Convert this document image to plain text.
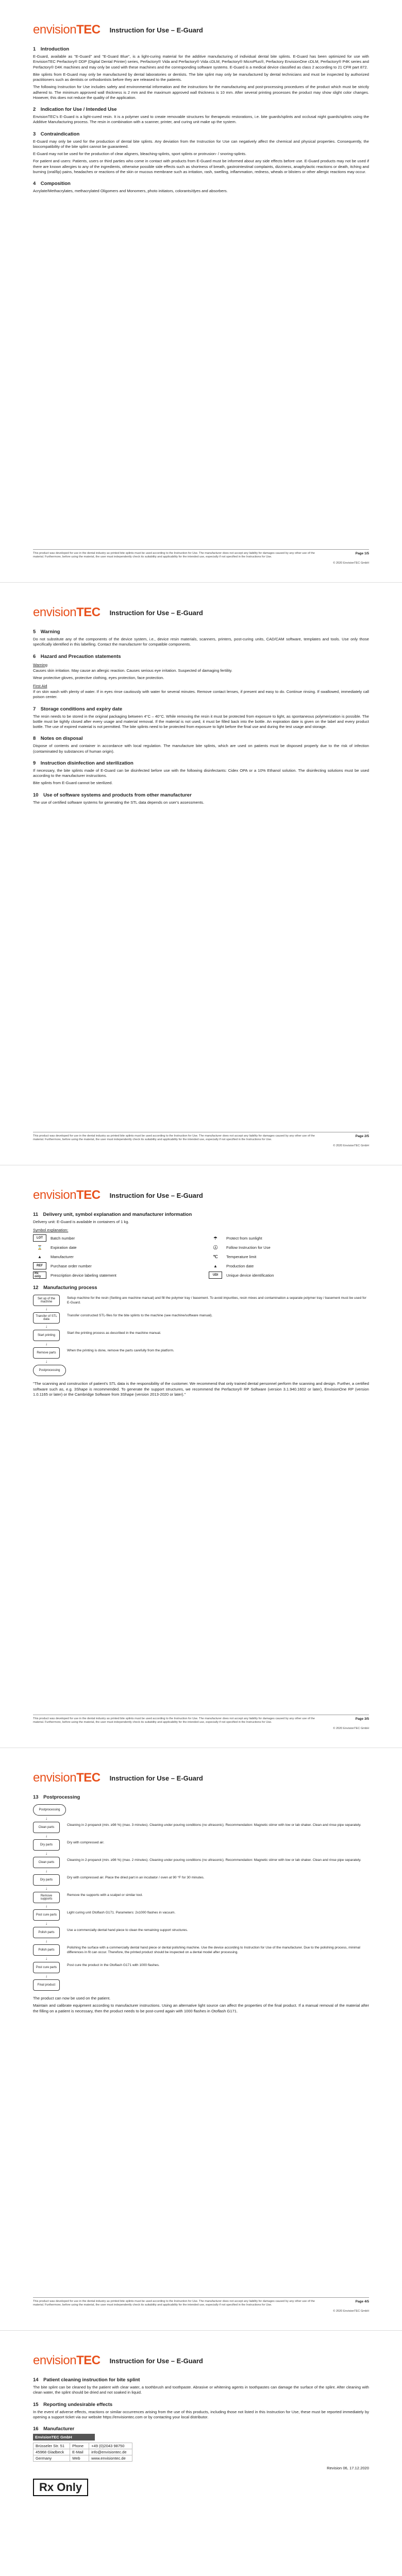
envisionTEC Instruction for Use – E-Guard
1 Introduction

E-Guard, available as "E-Guard" and "E-Guard Blue", is a light-curing material for the additive manufacturing of individual dental bite splints. E-Guard has been optimized for use with EnvisionTEC Perfactory® DDP (Digital Dental Printer) series, Perfactory® Vida and Perfactory® Vida cDLM, Perfactory® MicroPlus®, Perfactory EnvisionOne cDLM, Perfactory® P4K series and Perfactory® D4K machines and may only be used with these machines and the corresponding software systems. E-Guard is a medical device classified as class 2 according to 21 CFR part 872.

Bite splints from E-Guard may only be manufactured by dental laboratories or dentists. The bite splint may only be manufactured by dental technicians and must be inspected by authorized practitioners such as dentists or orthodontists before they are released to the patients.

The following Instruction for Use includes safety and environmental information and the instructions for the manufacturing and post-processing procedures of the product which must be strictly adhered to. The minimum approved wall thickness is 2 mm and the maximum approved wall thickness is 10 mm. After several printing processes the product may show slight color changes. However, this does not reduce the quality of the application.

2 Indication for Use / Intended Use

EnvisionTEC's E-Guard is a light-cured resin. It is a polymer used to create removable structures for therapeutic restorations, i.e. bite guards/splints and occlusal night guards/splints using the Additive Manufacturing process. The resin in combination with a scanner, printer, and curing unit make up the system.

3 Contraindication

E-Guard may only be used for the production of dental bite splints. Any deviation from the Instruction for Use can negatively affect the chemical and physical properties. Consequently, the biocompatibility of the bite splint cannot be guaranteed.

E-Guard may not be used for the production of clear aligners, bleaching-splints, sport splints or protrusion- / snoring-splints.

For patient and users: Patients, users or third parties who come in contact with products from E-Guard must be informed about any side effects before use. E-Guard products may not be used if there are known allergies to any of the ingredients, otherwise possible side effects such as shortness of breath, gastrointestinal complaints, dizziness, anaphylactic reactions or death, itching and burning (oral/lip) pains, headaches or reactions of the skin or mucous membrane such as irritation, rash, swelling, inflammation, redness, wheals or blisters or other allergic reactions may occur.

4 Composition

Acrylate/Methacrylates, methacrylated Oligomers and Monomers, photo initiators, colorants/dyes and absorbers.

This product was developed for use in the dental industry as printed bite splints must be used according to the Instruction for Use. The manufacturer does not accept any liability for damages caused by any other use of the material. Furthermore, before using the material, the user must independently check its suitability and applicability for the intended use, especially if not specified in the Instructions for Use.
Page 1/5
© 2020 EnvisionTEC GmbH
envisionTEC Instruction for Use – E-Guard
5 Warning

Do not substitute any of the components of the device system, i.e., device resin materials, scanners, printers, post-curing units, CAD/CAM software, templates and tools. Use only those specifically identified in this labelling. Contact the manufacturer for compatible components.

6 Hazard and Precaution statements
Warning

Causes skin irritation. May cause an allergic reaction. Causes serious eye irritation. Suspected of damaging fertility.

Wear protective gloves, protective clothing, eyes protection, face protection.

First Aid

If on skin wash with plenty of water. If in eyes rinse cautiously with water for several minutes. Remove contact lenses, if present and easy to do. Continue rinsing. If swallowed, immediately call poison center.

7 Storage conditions and expiry date

The resin needs to be stored in the original packaging between 4°C – 40°C. While removing the resin it must be protected from exposure to light, as spontaneous polymerization is possible. The bottle must be tightly closed after every usage and material removal. If the material is not used, it must be filled back into the bottle. An expiration date is given on the label and every product bottle. The use of expired material is not permitted. The bite splints need to be protected from exposure to light before the final use and during the test usage and storage.

8 Notes on disposal

Dispose of contents and container in accordance with local regulation. The manufacture bite splints, which are used on patients must be disposed properly due to the risk of infection (contaminated by substances of human origin).

9 Instruction disinfection and sterilization

If necessary, the bite splints made of E-Guard can be disinfected before use with the following disinfectants: Cidex OPA or a 10% Ethanol solution. The disinfecting solutions must be used according to the manufacturer instructions.

Bite splints from E-Guard cannot be sterilized.

10 Use of software systems and products from other manufacturer

The use of certified software systems for generating the STL data depends on user's assessments.

This product was developed for use in the dental industry as printed bite splints must be used according to the Instruction for Use. The manufacturer does not accept any liability for damages caused by any other use of the material. Furthermore, before using the material, the user must independently check its suitability and applicability for the intended use, especially if not specified in the Instructions for Use.
Page 2/5
© 2020 EnvisionTEC GmbH
envisionTEC Instruction for Use – E-Guard
11 Delivery unit, symbol explanation and manufacturer information

Delivery unit: E-Guard is available in containers of 1 kg.

Symbol explanation:
LOT	Batch number	☂	Protect from sunlight
⌛	Expiration date	ⓘ	Follow Instruction for Use
▲	Manufacturer	℃	Temperature limit
REF	Purchase order number	▲	Production date
Rx only	Prescription device labeling statement	UDI	Unique device identification
12 Manufacturing process
Set up of the machine
Setup machine for the resin (Setting are machine manual) and fill the polymer tray / basement. To avoid impurities, resin mixes and contamination a separate polymer tray / basement must be used for E-Guard.
↓
Transfer of STL data
Transfer constructed STL-files for the bite splints to the machine (see machine/software manual).
↓
Start printing
Start the printing process as described in the machine manual.
↓
Remove parts
When the printing is done, remove the parts carefully from the platform.
↓
Postprocessing

"The scanning and construction of patient's STL data is the responsibility of the customer. We recommend that only trained dental personnel perform the scanning and design. Further, a certified software such as, e.g. 3Shape is recommended. To generate the support structures, we recommend the Perfactory® RP Software (version 3.1.940.1602 or later), EnvisionOne RP (version 1.0.1165 or later) or the Cambridge Software from 3Shape (version 2013-2020 or later)."

This product was developed for use in the dental industry as printed bite splints must be used according to the Instruction for Use. The manufacturer does not accept any liability for damages caused by any other use of the material. Furthermore, before using the material, the user must independently check its suitability and applicability for the intended use, especially if not specified in the Instructions for Use.
Page 3/5
© 2020 EnvisionTEC GmbH
envisionTEC Instruction for Use – E-Guard
13 Postprocessing
Postprocessing
↓
Clean parts
Cleaning in 2-propanol (min. ≥98 %) (max. 3 minutes). Cleaning under pouring conditions (no ultrasonic). Recommendation: Magnetic stirrer with low or lab shaker. Clean and rinse pipe separately.
↓
Dry parts
Dry with compressed air.
↓
Clean parts
Cleaning in 2-propanol (min. ≥98 %) (max. 2 minutes). Cleaning under pouring conditions (no ultrasonic). Recommendation: Magnetic stirrer with low or lab shaker. Clean and rinse pipe separately.
↓
Dry parts
Dry with compressed air. Place the dried part in an incubator / oven at 90 °F for 30 minutes.
↓
Remove supports
Remove the supports with a scalpel or similar tool.
↓
Post cure parts
Light curing unit Otoflash G171. Parameters: 2x1000 flashes in vacuum.
↓
Polish parts
Use a commercially dental hand piece to clean the remaining support structures.
↓
Polish parts
Polishing the surface with a commercially dental hand piece or dental polishing machine. Use the device according to Instruction for Use of the manufacturer. Due to the polishing process, minimal differences in fit can occur. Therefore, the printed product should be inspected on a dental model after processing.
↓
Post cure parts
Post cure the product in the Otoflash G171 with 1000 flashes.
↓
Final product

The product can now be used on the patient.

Maintain and calibrate equipment according to manufacturer instructions. Using an alternative light source can affect the properties of the final product. If a manual removal of the material after the filling on a patient is necessary, then the product needs to be post-cured again with 1000 flashes in Otoflash G171.

This product was developed for use in the dental industry as printed bite splints must be used according to the Instruction for Use. The manufacturer does not accept any liability for damages caused by any other use of the material. Furthermore, before using the material, the user must independently check its suitability and applicability for the intended use, especially if not specified in the Instructions for Use.
Page 4/5
© 2020 EnvisionTEC GmbH
envisionTEC Instruction for Use – E-Guard
14 Patient cleaning instruction for bite splint

The bite splint can be cleaned by the patient with clear water, a toothbrush and toothpaste. Abrasive or whitening agents in toothpastes can damage the surface of the splint. After cleaning with clean water, the splint should be dried and not soaked in liquid.

15 Reporting undesirable effects

In the event of adverse effects, reactions or similar occurrences arising from the use of this products, including those not listed in this Instruction for Use, these must be reported immediately by opening a support ticket via our website https://envisiontec.com or by contacting your local distributor.

16 Manufacturer
EnvisionTEC GmbH
Brüsseler Str. 51	Phone	+49 (0)2043 98750
45968 Gladbeck	E-Mail	info@envisiontec.de
Germany	Web	www.envisiontec.de
Revision 06, 17.12.2020
Rx Only
